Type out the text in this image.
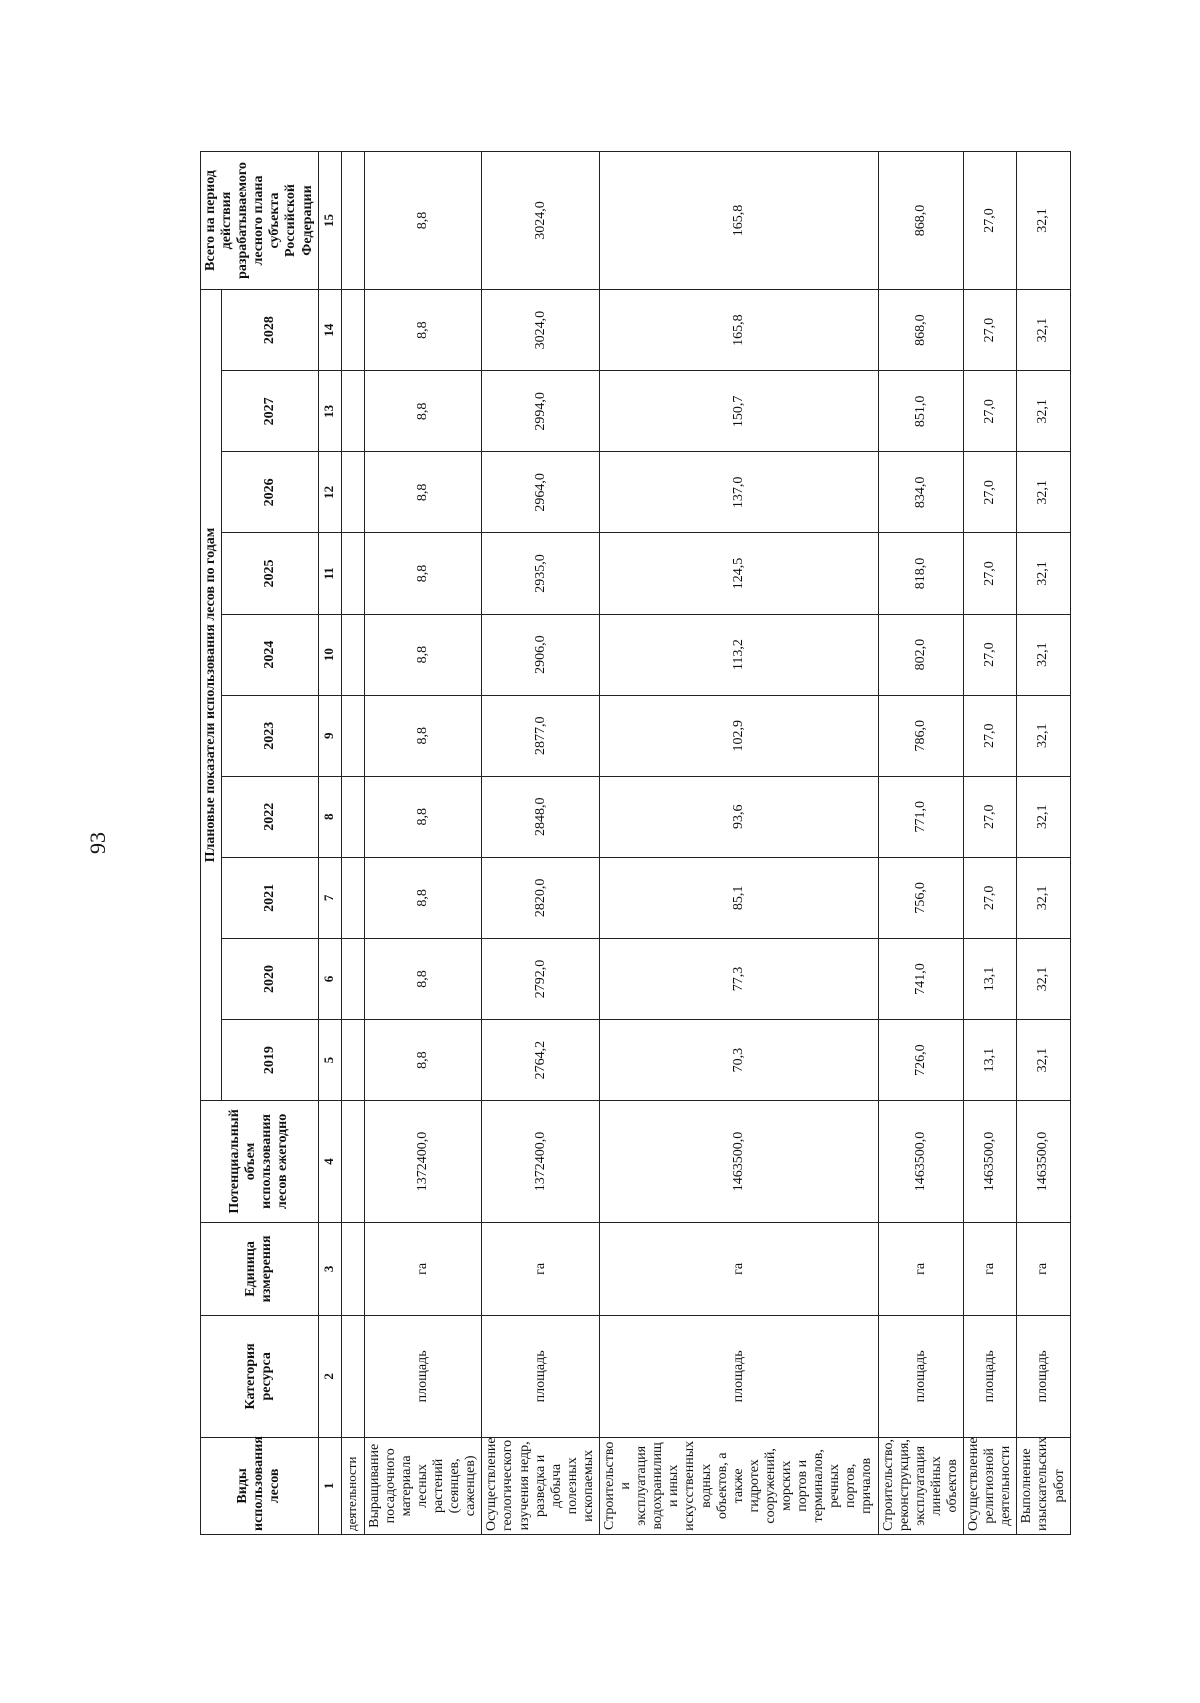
93
Виды использования лесов	Категория ресурса	Единица измерения	Потенциальный объем использования лесов ежегодно	Плановые показатели использования лесов по годам										Всего на период действия разрабатываемого лесного плана субъекта Российской Федерации
				2019	2020	2021	2022	2023	2024	2025	2026	2027	2028	
1	2	3	4	5	6	7	8	9	10	11	12	13	14	15
деятельности														
Выращивание посадочного материала лесных растений (сеянцев, саженцев)	площадь	га	1372400,0	8,8	8,8	8,8	8,8	8,8	8,8	8,8	8,8	8,8	8,8	8,8
Осуществление геологического изучения недр, разведка и добыча полезных ископаемых	площадь	га	1372400,0	2764,2	2792,0	2820,0	2848,0	2877,0	2906,0	2935,0	2964,0	2994,0	3024,0	3024,0
Строительство и эксплуатация водохранилищ и иных искусственных водных объектов, а также гидротех сооружений, морских портов и терминалов, речных портов, причалов	площадь	га	1463500,0	70,3	77,3	85,1	93,6	102,9	113,2	124,5	137,0	150,7	165,8	165,8
Строительство, реконструкция, эксплуатация линейных объектов	площадь	га	1463500,0	726,0	741,0	756,0	771,0	786,0	802,0	818,0	834,0	851,0	868,0	868,0
Осуществление религиозной деятельности	площадь	га	1463500,0	13,1	13,1	27,0	27,0	27,0	27,0	27,0	27,0	27,0	27,0	27,0
Выполнение изыскательских работ	площадь	га	1463500,0	32,1	32,1	32,1	32,1	32,1	32,1	32,1	32,1	32,1	32,1	32,1
